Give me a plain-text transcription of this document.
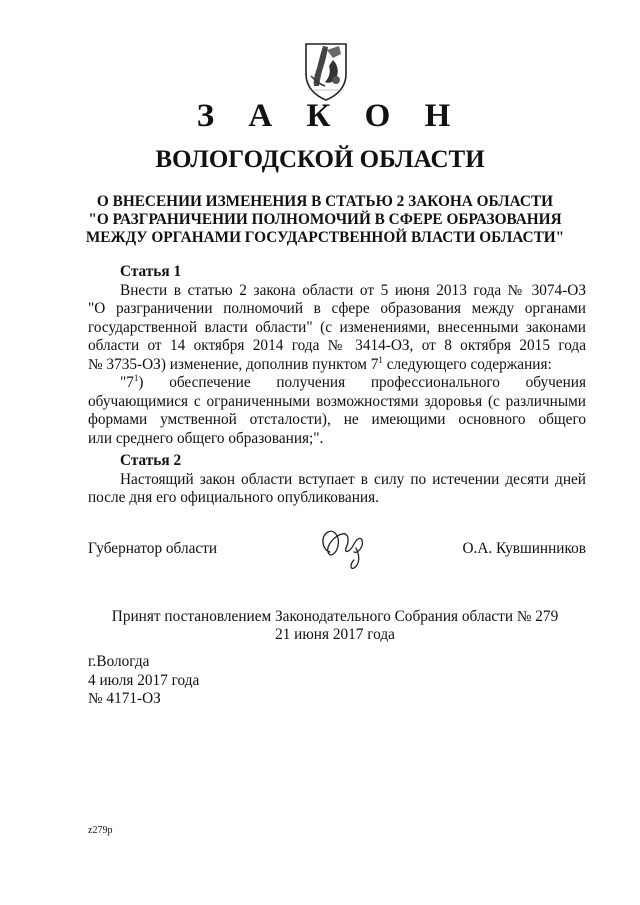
З А К О Н
ВОЛОГОДСКОЙ ОБЛАСТИ
О ВНЕСЕНИИ ИЗМЕНЕНИЯ В СТАТЬЮ 2 ЗАКОНА ОБЛАСТИ
"О РАЗГРАНИЧЕНИИ ПОЛНОМОЧИЙ В СФЕРЕ ОБРАЗОВАНИЯ
МЕЖДУ ОРГАНАМИ ГОСУДАРСТВЕННОЙ ВЛАСТИ ОБЛАСТИ"
Статья 1
Внести в статью 2 закона области от 5 июня 2013 года № 3074-ОЗ
"О разграничении полномочий в сфере образования между органами
государственной власти области" (с изменениями, внесенными законами
области от 14 октября 2014 года № 3414-ОЗ, от 8 октября 2015 года
№ 3735-ОЗ) изменение, дополнив пунктом $7^1$ следующего содержания:
"$7^1$) обеспечение получения профессионального обучения
обучающимися с ограниченными возможностями здоровья (с различными
формами умственной отсталости), не имеющими основного общего
или среднего общего образования;".
Статья 2
Настоящий закон области вступает в силу по истечении десяти дней
после дня его официального опубликования.
Губернатор области	О.А. Кувшинников
Принят постановлением Законодательного Собрания области № 279
21 июня 2017 года
г.Вологда
4 июля 2017 года
№ 4171-ОЗ
z279p
